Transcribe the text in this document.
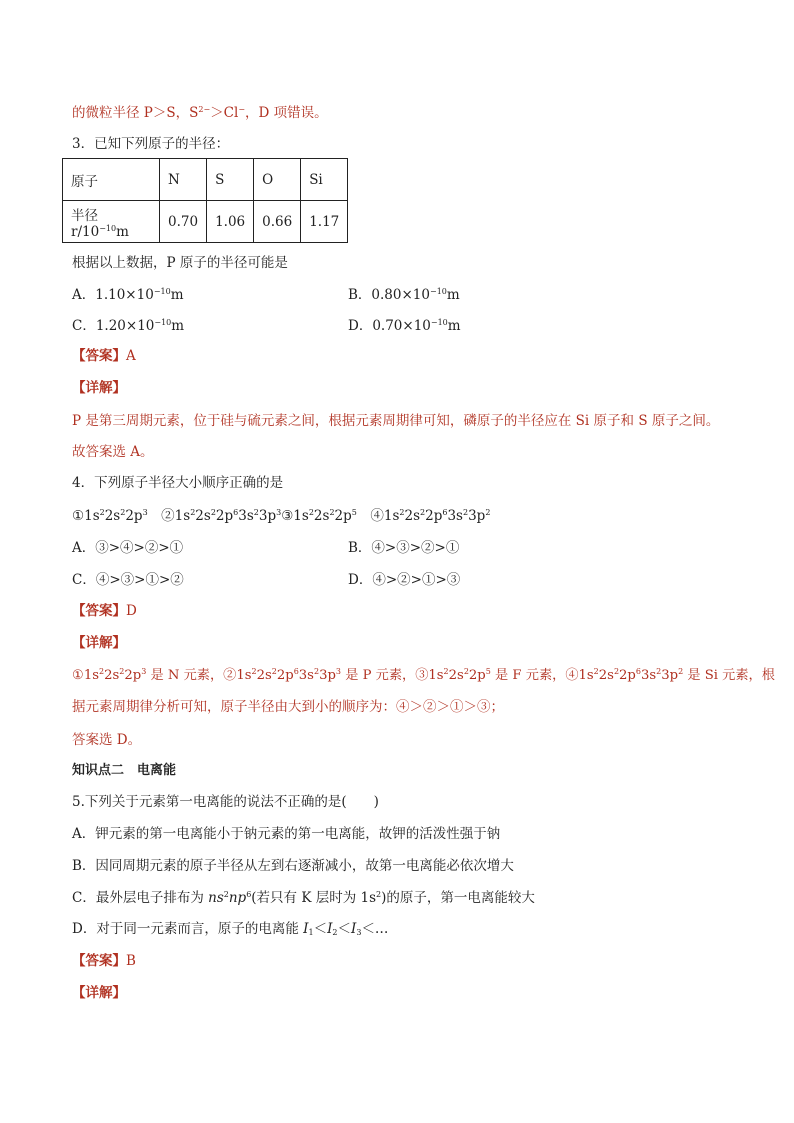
的微粒半径 P＞S，$S^{2-}>Cl^-$，D 项错误。
3．已知下列原子的半径：
原子	N	S	O	Si
半径 $r/10^{-10}m$	0.70	1.06	0.66	1.17
根据以上数据，P 原子的半径可能是
A．$1.10\times 10^{-10}m$	B．$0.80\times 10^{-10}m$
C．$1.20\times 10^{-10}m$	D．$0.70\times 10^{-10}m$
【答案】A
【详解】
P 是第三周期元素，位于硅与硫元素之间，根据元素周期律可知，磷原子的半径应在 Si 原子和 S 原子之间。
故答案选 A。
4．下列原子半径大小顺序正确的是
$①1s^22s^22p^3$　$②1s^22s^22p^63s^23p^3③1s^22s^22p^5$　$④1s^22s^22p^63s^23p^2$
A．③>④>②>①	B．④>③>②>①
C．④>③>①>②	D．④>②>①>③
【答案】D
【详解】
$①1s^22s^22p^3$ 是 N 元素，$②1s^22s^22p^63s^23p^3$ 是 P 元素，$③1s^22s^22p^5$ 是 F 元素，$④1s^22s^22p^63s^23p^2$ 是 Si 元素，根
据元素周期律分析可知，原子半径由大到小的顺序为：④＞②＞①＞③；
答案选 D。
知识点二　电离能
5.下列关于元素第一电离能的说法不正确的是(　　)
A．钾元素的第一电离能小于钠元素的第一电离能，故钾的活泼性强于钠
B．因同周期元素的原子半径从左到右逐渐减小，故第一电离能必依次增大
C．最外层电子排布为 $ns^2np^6$(若只有 K 层时为 $1s^2$)的原子，第一电离能较大
D．对于同一元素而言，原子的电离能 $I_1<I_2<I_3<\dots$
【答案】B
【详解】
